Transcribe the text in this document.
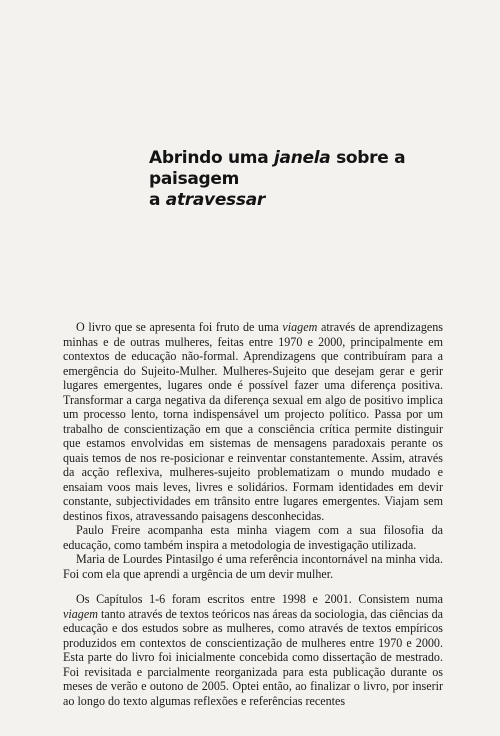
Abrindo uma janela sobre a paisagem
a atravessar

O livro que se apresenta foi fruto de uma viagem através de aprendizagens minhas e de outras mulheres, feitas entre 1970 e 2000, principalmente em contextos de educação não-formal. Aprendizagens que contribuíram para a emergência do Sujeito-Mulher. Mulheres-Sujeito que desejam gerar e gerir lugares emergentes, lugares onde é possível fazer uma diferença positiva. Transformar a carga negativa da diferença sexual em algo de positivo implica um processo lento, torna indispensável um projecto político. Passa por um trabalho de conscientização em que a consciência crítica permite distinguir que estamos envolvidas em sistemas de mensagens paradoxais perante os quais temos de nos re-posicionar e reinventar constantemente. Assim, através da acção reflexiva, mulheres-sujeito problematizam o mundo mudado e ensaiam voos mais leves, livres e solidários. Formam identidades em devir constante, subjectividades em trânsito entre lugares emergentes. Viajam sem destinos fixos, atravessando paisagens desconhecidas.

Paulo Freire acompanha esta minha viagem com a sua filosofia da educação, como também inspira a metodologia de investigação utilizada.

Maria de Lourdes Pintasilgo é uma referência incontornável na minha vida. Foi com ela que aprendi a urgência de um devir mulher.

Os Capítulos 1-6 foram escritos entre 1998 e 2001. Consistem numa viagem tanto através de textos teóricos nas áreas da sociologia, das ciências da educação e dos estudos sobre as mulheres, como através de textos empíricos produzidos em contextos de conscientização de mulheres entre 1970 e 2000. Esta parte do livro foi inicialmente concebida como dissertação de mestrado. Foi revisitada e parcialmente reorganizada para esta publicação durante os meses de verão e outono de 2005. Optei então, ao finalizar o livro, por inserir ao longo do texto algumas reflexões e referências recentes
